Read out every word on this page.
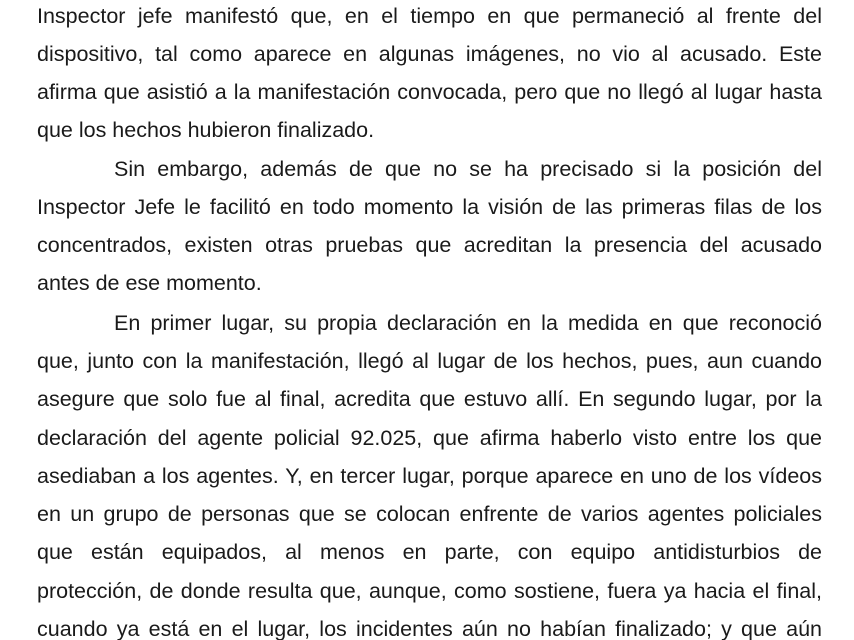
Inspector jefe manifestó que, en el tiempo en que permaneció al frente del
dispositivo, tal como aparece en algunas imágenes, no vio al acusado. Este
afirma que asistió a la manifestación convocada, pero que no llegó al lugar hasta
que los hechos hubieron finalizado.
Sin embargo, además de que no se ha precisado si la posición del
Inspector Jefe le facilitó en todo momento la visión de las primeras filas de los
concentrados, existen otras pruebas que acreditan la presencia del acusado
antes de ese momento.
En primer lugar, su propia declaración en la medida en que reconoció
que, junto con la manifestación, llegó al lugar de los hechos, pues, aun cuando
asegure que solo fue al final, acredita que estuvo allí. En segundo lugar, por la
declaración del agente policial 92.025, que afirma haberlo visto entre los que
asediaban a los agentes. Y, en tercer lugar, porque aparece en uno de los vídeos
en un grupo de personas que se colocan enfrente de varios agentes policiales
que están equipados, al menos en parte, con equipo antidisturbios de
protección, de donde resulta que, aunque, como sostiene, fuera ya hacia el final,
cuando ya está en el lugar, los incidentes aún no habían finalizado; y que aún
